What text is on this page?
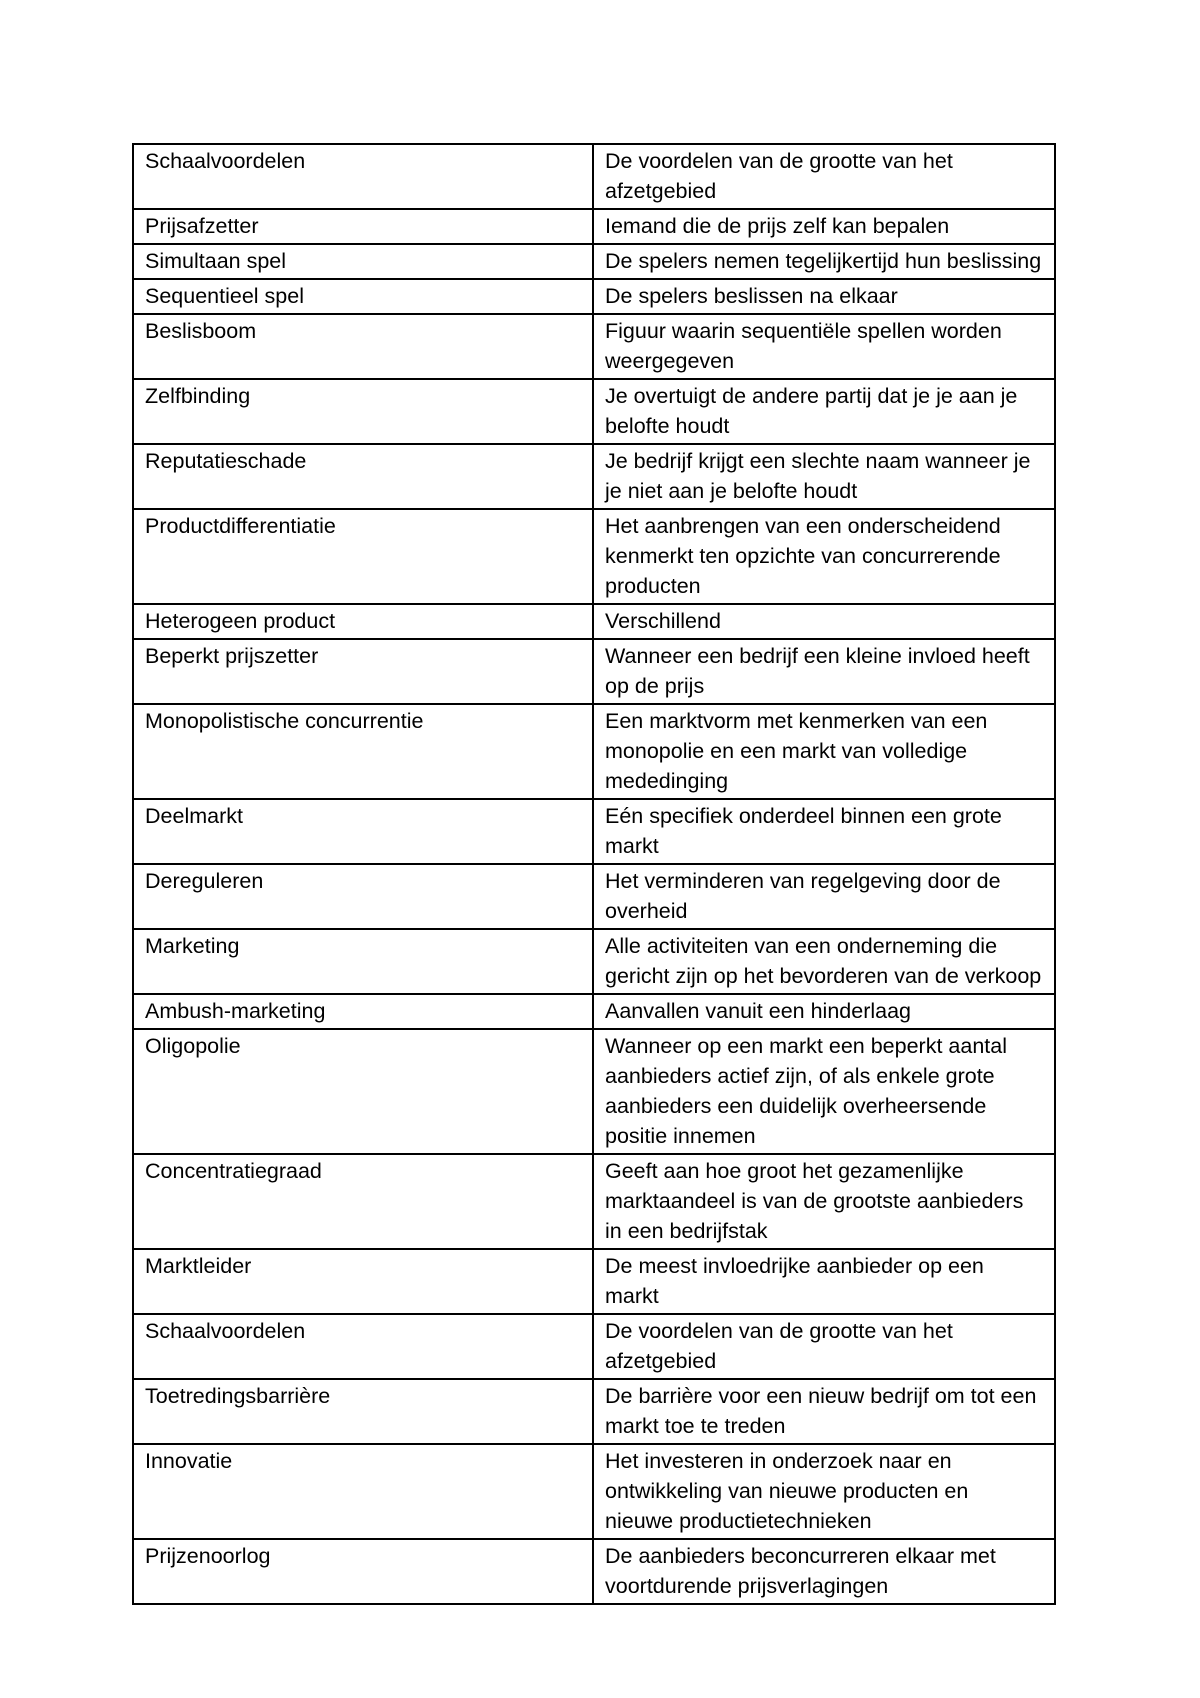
Schaalvoordelen	De voordelen van de grootte van het afzetgebied
Prijsafzetter	Iemand die de prijs zelf kan bepalen
Simultaan spel	De spelers nemen tegelijkertijd hun beslissing
Sequentieel spel	De spelers beslissen na elkaar
Beslisboom	Figuur waarin sequentiële spellen worden weergegeven
Zelfbinding	Je overtuigt de andere partij dat je je aan je belofte houdt
Reputatieschade	Je bedrijf krijgt een slechte naam wanneer je je niet aan je belofte houdt
Productdifferentiatie	Het aanbrengen van een onderscheidend kenmerkt ten opzichte van concurrerende producten
Heterogeen product	Verschillend
Beperkt prijszetter	Wanneer een bedrijf een kleine invloed heeft op de prijs
Monopolistische concurrentie	Een marktvorm met kenmerken van een monopolie en een markt van volledige mededinging
Deelmarkt	Eén specifiek onderdeel binnen een grote markt
Dereguleren	Het verminderen van regelgeving door de overheid
Marketing	Alle activiteiten van een onderneming die gericht zijn op het bevorderen van de verkoop
Ambush-marketing	Aanvallen vanuit een hinderlaag
Oligopolie	Wanneer op een markt een beperkt aantal aanbieders actief zijn, of als enkele grote aanbieders een duidelijk overheersende positie innemen
Concentratiegraad	Geeft aan hoe groot het gezamenlijke marktaandeel is van de grootste aanbieders in een bedrijfstak
Marktleider	De meest invloedrijke aanbieder op een markt
Schaalvoordelen	De voordelen van de grootte van het afzetgebied
Toetredingsbarrière	De barrière voor een nieuw bedrijf om tot een markt toe te treden
Innovatie	Het investeren in onderzoek naar en ontwikkeling van nieuwe producten en nieuwe productietechnieken
Prijzenoorlog	De aanbieders beconcurreren elkaar met voortdurende prijsverlagingen
